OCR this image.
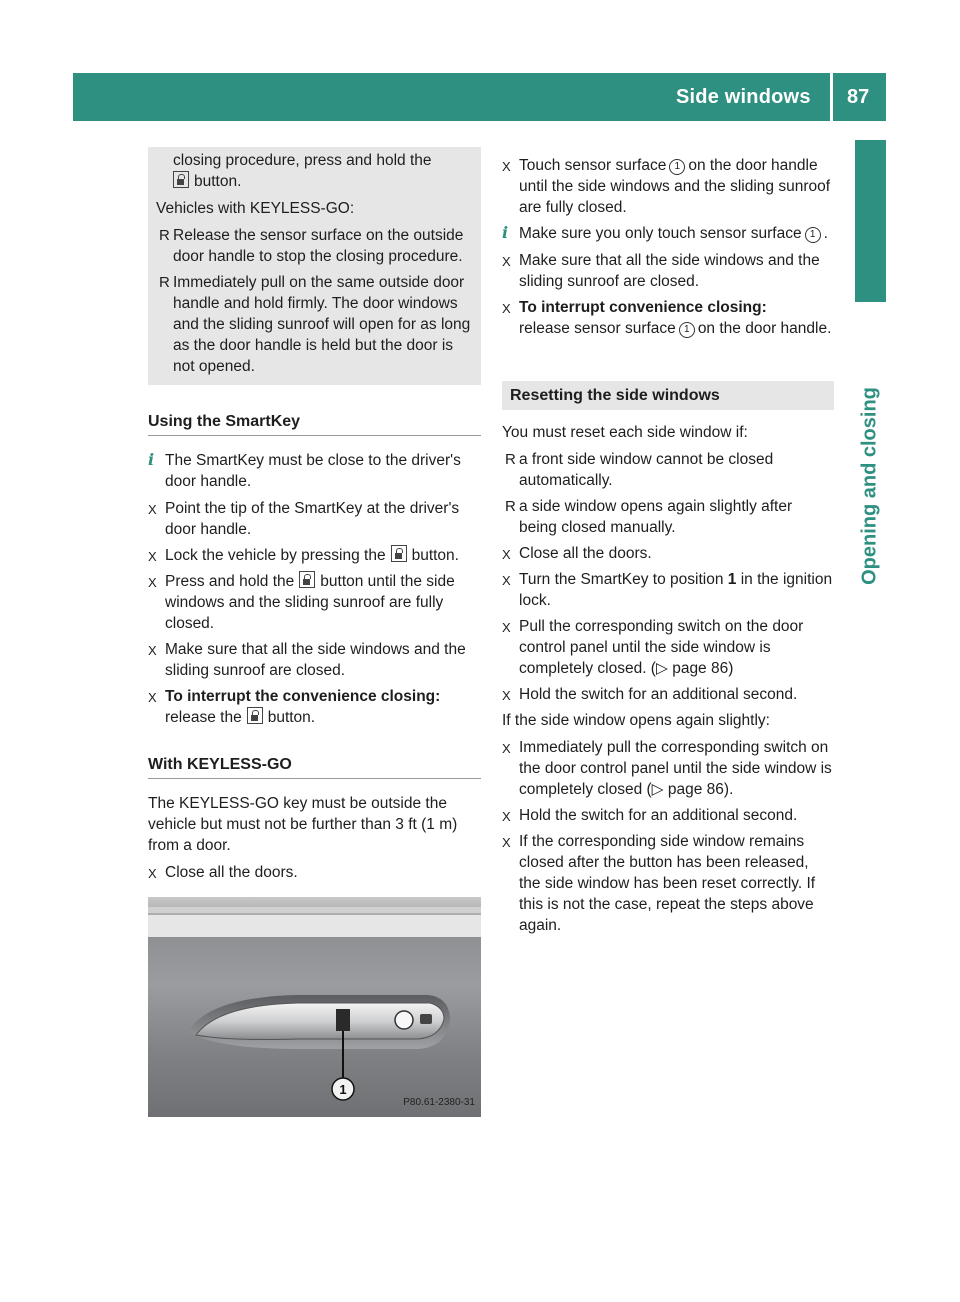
Side windows 87
Opening and closing

closing procedure, press and hold the
button.

Vehicles with KEYLESS-GO:

R Release the sensor surface on the outside door handle to stop the closing procedure.
R Immediately pull on the same outside door handle and hold firmly. The door windows and the sliding sunroof will open for as long as the door handle is held but the door is not opened.
Using the SmartKey
i The SmartKey must be close to the driver's door handle.
X Point the tip of the SmartKey at the driver's door handle.
X Lock the vehicle by pressing the button.
X Press and hold the button until the side windows and the sliding sunroof are fully closed.
X Make sure that all the side windows and the sliding sunroof are closed.
X To interrupt the convenience closing:
release the button.
With KEYLESS-GO

The KEYLESS-GO key must be outside the vehicle but must not be further than 3 ft (1 m) from a door.

X Close all the doors.
1
P80.61-2380-31
X Touch sensor surface 1 on the door handle until the side windows and the sliding sunroof are fully closed.
i Make sure you only touch sensor surface 1 .
X Make sure that all the side windows and the sliding sunroof are closed.
X To interrupt convenience closing:
release sensor surface 1 on the door handle.
Resetting the side windows

You must reset each side window if:

R a front side window cannot be closed automatically.
R a side window opens again slightly after being closed manually.
X Close all the doors.
X Turn the SmartKey to position 1 in the ignition lock.
X Pull the corresponding switch on the door control panel until the side window is completely closed. (▷ page 86)
X Hold the switch for an additional second.

If the side window opens again slightly:

X Immediately pull the corresponding switch on the door control panel until the side window is completely closed (▷ page 86).
X Hold the switch for an additional second.
X If the corresponding side window remains closed after the button has been released, the side window has been reset correctly. If this is not the case, repeat the steps above again.
